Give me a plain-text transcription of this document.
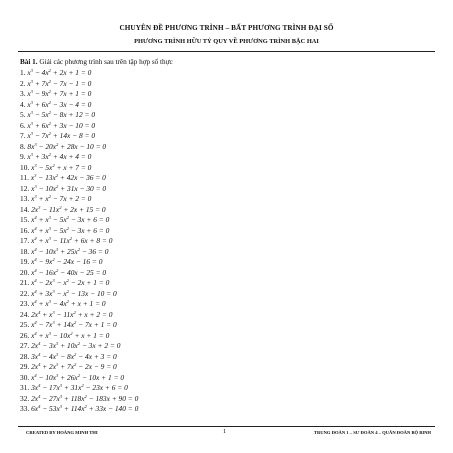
CHUYÊN ĐỀ PHƯƠNG TRÌNH – BẤT PHƯƠNG TRÌNH ĐẠI SỐ
PHƯƠNG TRÌNH HỮU TỶ QUY VỀ PHƯƠNG TRÌNH BẬC HAI
Bài 1. Giải các phương trình sau trên tập hợp số thực
1. $x^3 - 4x^2 + 2x + 1 = 0$
2. $x^3 + 7x^2 - 7x - 1 = 0$
3. $x^3 - 9x^2 + 7x + 1 = 0$
4. $x^3 + 6x^2 - 3x - 4 = 0$
5. $x^3 - 5x^2 - 8x + 12 = 0$
6. $x^3 + 6x^2 + 3x - 10 = 0$
7. $x^3 - 7x^2 + 14x - 8 = 0$
8. $8x^3 - 20x^2 + 28x - 10 = 0$
9. $x^3 + 3x^2 + 4x + 4 = 0$
10. $x^3 - 5x^2 + x + 7 = 0$
11. $x^3 - 13x^2 + 42x - 36 = 0$
12. $x^3 - 10x^2 + 31x - 30 = 0$
13. $x^3 + x^2 - 7x + 2 = 0$
14. $2x^3 - 11x^2 + 2x + 15 = 0$
15. $x^4 + x^3 - 5x^2 - 3x + 6 = 0$
16. $x^4 + x^3 - 5x^2 - 3x + 6 = 0$
17. $x^4 + x^3 - 11x^2 + 6x + 8 = 0$
18. $x^4 - 10x^3 + 25x^2 - 36 = 0$
19. $x^4 - 9x^2 - 24x - 16 = 0$
20. $x^4 - 16x^2 - 40x - 25 = 0$
21. $x^4 - 2x^3 - x^2 - 2x + 1 = 0$
22. $x^4 + 3x^3 - x^2 - 13x - 10 = 0$
23. $x^4 + x^3 - 4x^2 + x + 1 = 0$
24. $2x^4 + x^3 - 11x^2 + x + 2 = 0$
25. $x^4 - 7x^3 + 14x^2 - 7x + 1 = 0$
26. $x^4 + x^3 - 10x^2 + x + 1 = 0$
27. $2x^4 - 3x^3 + 10x^2 - 3x + 2 = 0$
28. $3x^4 - 4x^3 - 8x^2 - 4x + 3 = 0$
29. $2x^4 + 2x^3 + 7x^2 - 2x - 9 = 0$
30. $x^4 - 10x^3 + 26x^2 - 10x + 1 = 0$
31. $3x^4 - 17x^3 + 31x^2 - 23x + 6 = 0$
32. $2x^4 - 27x^3 + 118x^2 - 183x + 90 = 0$
33. $6x^4 - 53x^3 + 114x^2 + 33x - 140 = 0$
CREATED BY HOÀNG MINH THI	1	TRUNG ĐOÀN 1 – SƯ ĐOÀN 4 – QUÂN ĐOÀN BỘ BINH
